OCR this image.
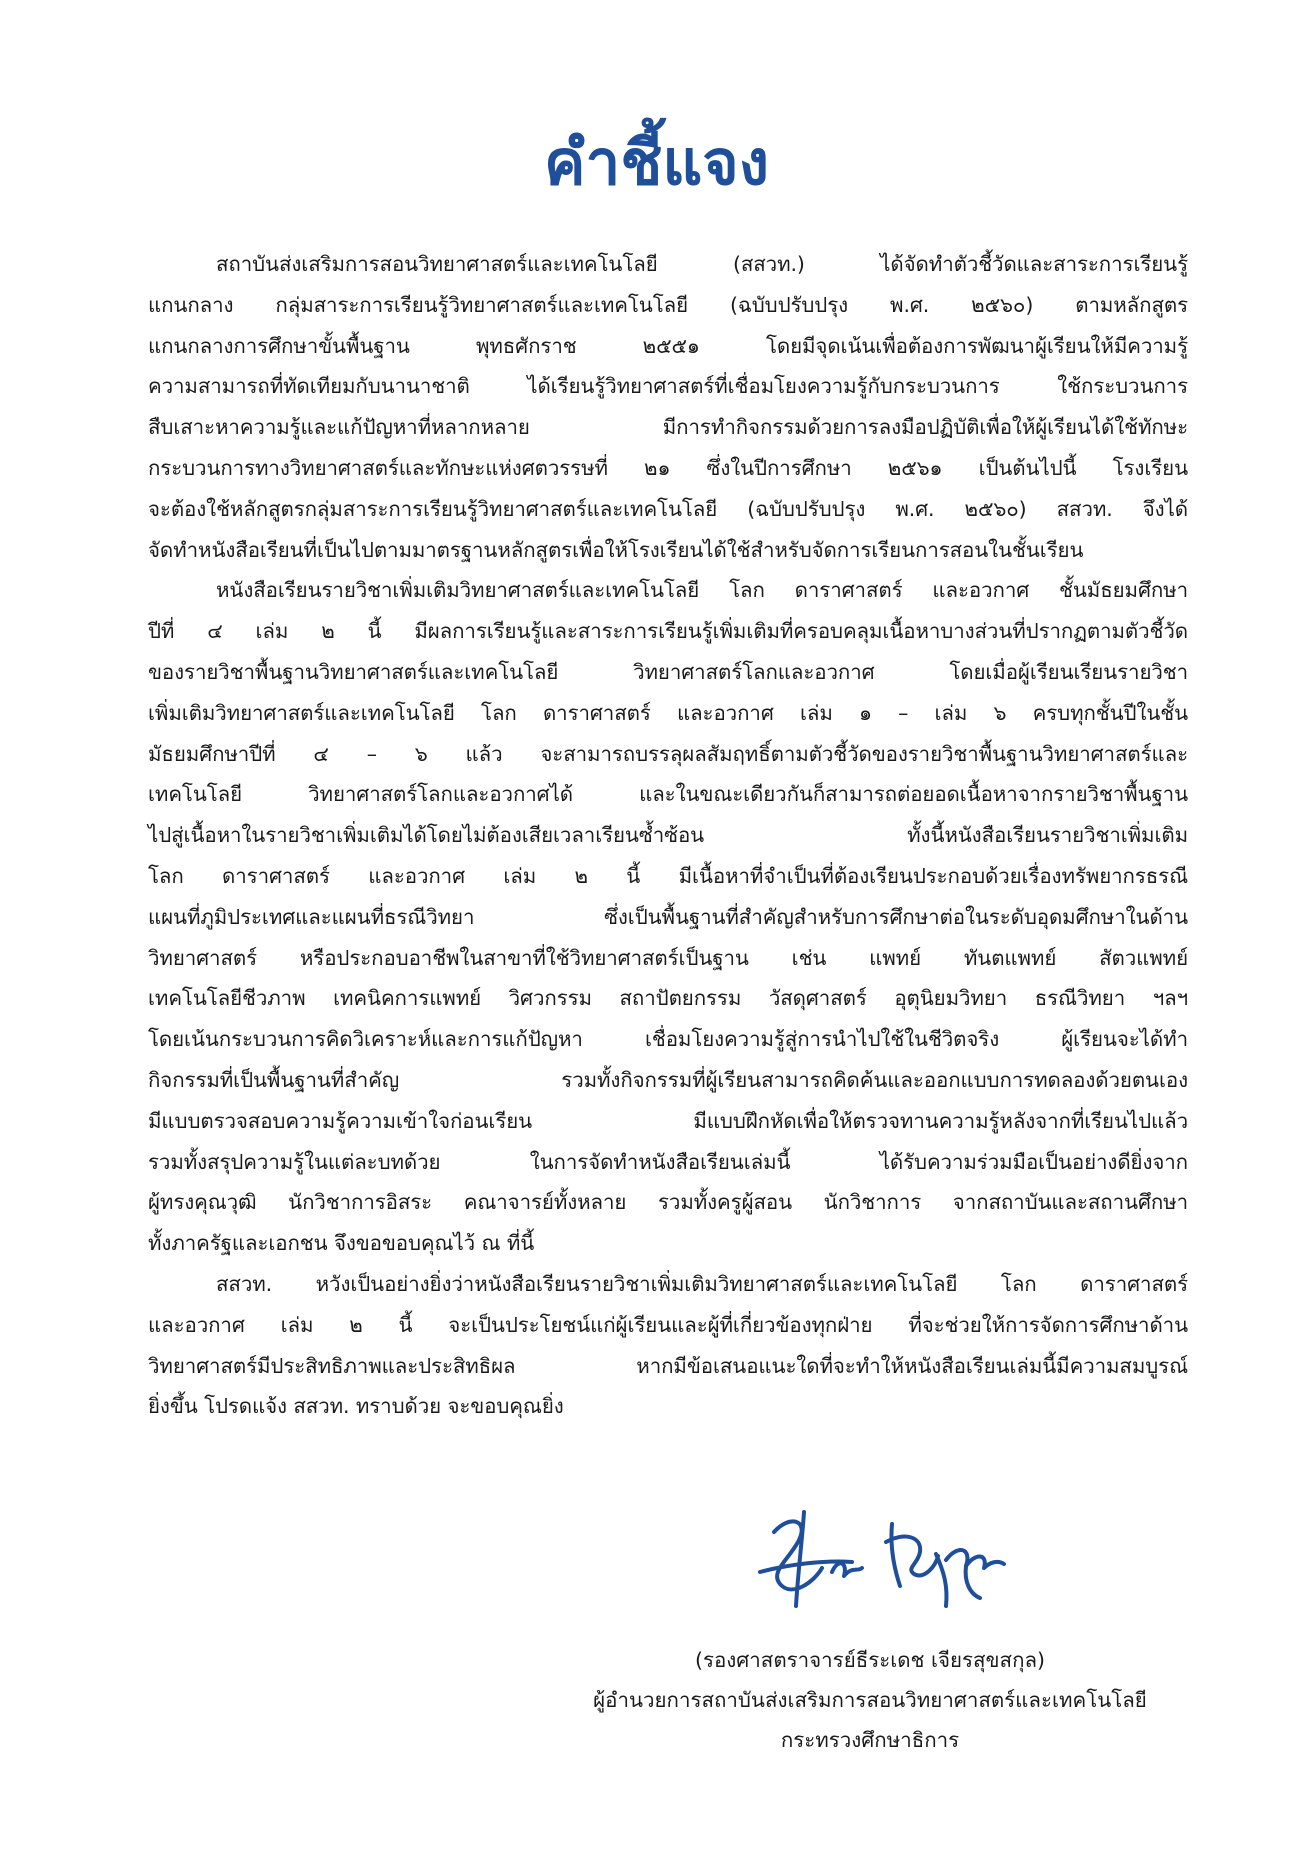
คำชี้แจง
สถาบันส่งเสริมการสอนวิทยาศาสตร์และเทคโนโลยี (สสวท.) ได้จัดทำตัวชี้วัดและสาระการเรียนรู้
แกนกลาง กลุ่มสาระการเรียนรู้วิทยาศาสตร์และเทคโนโลยี (ฉบับปรับปรุง พ.ศ. ๒๕๖๐) ตามหลักสูตร
แกนกลางการศึกษาขั้นพื้นฐาน พุทธศักราช ๒๕๕๑ โดยมีจุดเน้นเพื่อต้องการพัฒนาผู้เรียนให้มีความรู้
ความสามารถที่ทัดเทียมกับนานาชาติ ได้เรียนรู้วิทยาศาสตร์ที่เชื่อมโยงความรู้กับกระบวนการ ใช้กระบวนการ
สืบเสาะหาความรู้และแก้ปัญหาที่หลากหลาย มีการทำกิจกรรมด้วยการลงมือปฏิบัติเพื่อให้ผู้เรียนได้ใช้ทักษะ
กระบวนการทางวิทยาศาสตร์และทักษะแห่งศตวรรษที่ ๒๑ ซึ่งในปีการศึกษา ๒๕๖๑ เป็นต้นไปนี้ โรงเรียน
จะต้องใช้หลักสูตรกลุ่มสาระการเรียนรู้วิทยาศาสตร์และเทคโนโลยี (ฉบับปรับปรุง พ.ศ. ๒๕๖๐) สสวท. จึงได้
จัดทำหนังสือเรียนที่เป็นไปตามมาตรฐานหลักสูตรเพื่อให้โรงเรียนได้ใช้สำหรับจัดการเรียนการสอนในชั้นเรียน
หนังสือเรียนรายวิชาเพิ่มเติมวิทยาศาสตร์และเทคโนโลยี โลก ดาราศาสตร์ และอวกาศ ชั้นมัธยมศึกษา
ปีที่ ๔ เล่ม ๒ นี้ มีผลการเรียนรู้และสาระการเรียนรู้เพิ่มเติมที่ครอบคลุมเนื้อหาบางส่วนที่ปรากฏตามตัวชี้วัด
ของรายวิชาพื้นฐานวิทยาศาสตร์และเทคโนโลยี วิทยาศาสตร์โลกและอวกาศ โดยเมื่อผู้เรียนเรียนรายวิชา
เพิ่มเติมวิทยาศาสตร์และเทคโนโลยี โลก ดาราศาสตร์ และอวกาศ เล่ม ๑ – เล่ม ๖ ครบทุกชั้นปีในชั้น
มัธยมศึกษาปีที่ ๔ – ๖ แล้ว จะสามารถบรรลุผลสัมฤทธิ์ตามตัวชี้วัดของรายวิชาพื้นฐานวิทยาศาสตร์และ
เทคโนโลยี วิทยาศาสตร์โลกและอวกาศได้ และในขณะเดียวกันก็สามารถต่อยอดเนื้อหาจากรายวิชาพื้นฐาน
ไปสู่เนื้อหาในรายวิชาเพิ่มเติมได้โดยไม่ต้องเสียเวลาเรียนซ้ำซ้อน ทั้งนี้หนังสือเรียนรายวิชาเพิ่มเติม
โลก ดาราศาสตร์ และอวกาศ เล่ม ๒ นี้ มีเนื้อหาที่จำเป็นที่ต้องเรียนประกอบด้วยเรื่องทรัพยากรธรณี
แผนที่ภูมิประเทศและแผนที่ธรณีวิทยา ซึ่งเป็นพื้นฐานที่สำคัญสำหรับการศึกษาต่อในระดับอุดมศึกษาในด้าน
วิทยาศาสตร์ หรือประกอบอาชีพในสาขาที่ใช้วิทยาศาสตร์เป็นฐาน เช่น แพทย์ ทันตแพทย์ สัตวแพทย์
เทคโนโลยีชีวภาพ เทคนิคการแพทย์ วิศวกรรม สถาปัตยกรรม วัสดุศาสตร์ อุตุนิยมวิทยา ธรณีวิทยา ฯลฯ
โดยเน้นกระบวนการคิดวิเคราะห์และการแก้ปัญหา เชื่อมโยงความรู้สู่การนำไปใช้ในชีวิตจริง ผู้เรียนจะได้ทำ
กิจกรรมที่เป็นพื้นฐานที่สำคัญ รวมทั้งกิจกรรมที่ผู้เรียนสามารถคิดค้นและออกแบบการทดลองด้วยตนเอง
มีแบบตรวจสอบความรู้ความเข้าใจก่อนเรียน มีแบบฝึกหัดเพื่อให้ตรวจทานความรู้หลังจากที่เรียนไปแล้ว
รวมทั้งสรุปความรู้ในแต่ละบทด้วย ในการจัดทำหนังสือเรียนเล่มนี้ ได้รับความร่วมมือเป็นอย่างดียิ่งจาก
ผู้ทรงคุณวุฒิ นักวิชาการอิสระ คณาจารย์ทั้งหลาย รวมทั้งครูผู้สอน นักวิชาการ จากสถาบันและสถานศึกษา
ทั้งภาครัฐและเอกชน จึงขอขอบคุณไว้ ณ ที่นี้
สสวท. หวังเป็นอย่างยิ่งว่าหนังสือเรียนรายวิชาเพิ่มเติมวิทยาศาสตร์และเทคโนโลยี โลก ดาราศาสตร์
และอวกาศ เล่ม ๒ นี้ จะเป็นประโยชน์แก่ผู้เรียนและผู้ที่เกี่ยวข้องทุกฝ่าย ที่จะช่วยให้การจัดการศึกษาด้าน
วิทยาศาสตร์มีประสิทธิภาพและประสิทธิผล หากมีข้อเสนอแนะใดที่จะทำให้หนังสือเรียนเล่มนี้มีความสมบูรณ์
ยิ่งขึ้น โปรดแจ้ง สสวท. ทราบด้วย จะขอบคุณยิ่ง
(รองศาสตราจารย์ธีระเดช เจียรสุขสกุล)
ผู้อำนวยการสถาบันส่งเสริมการสอนวิทยาศาสตร์และเทคโนโลยี
กระทรวงศึกษาธิการ
